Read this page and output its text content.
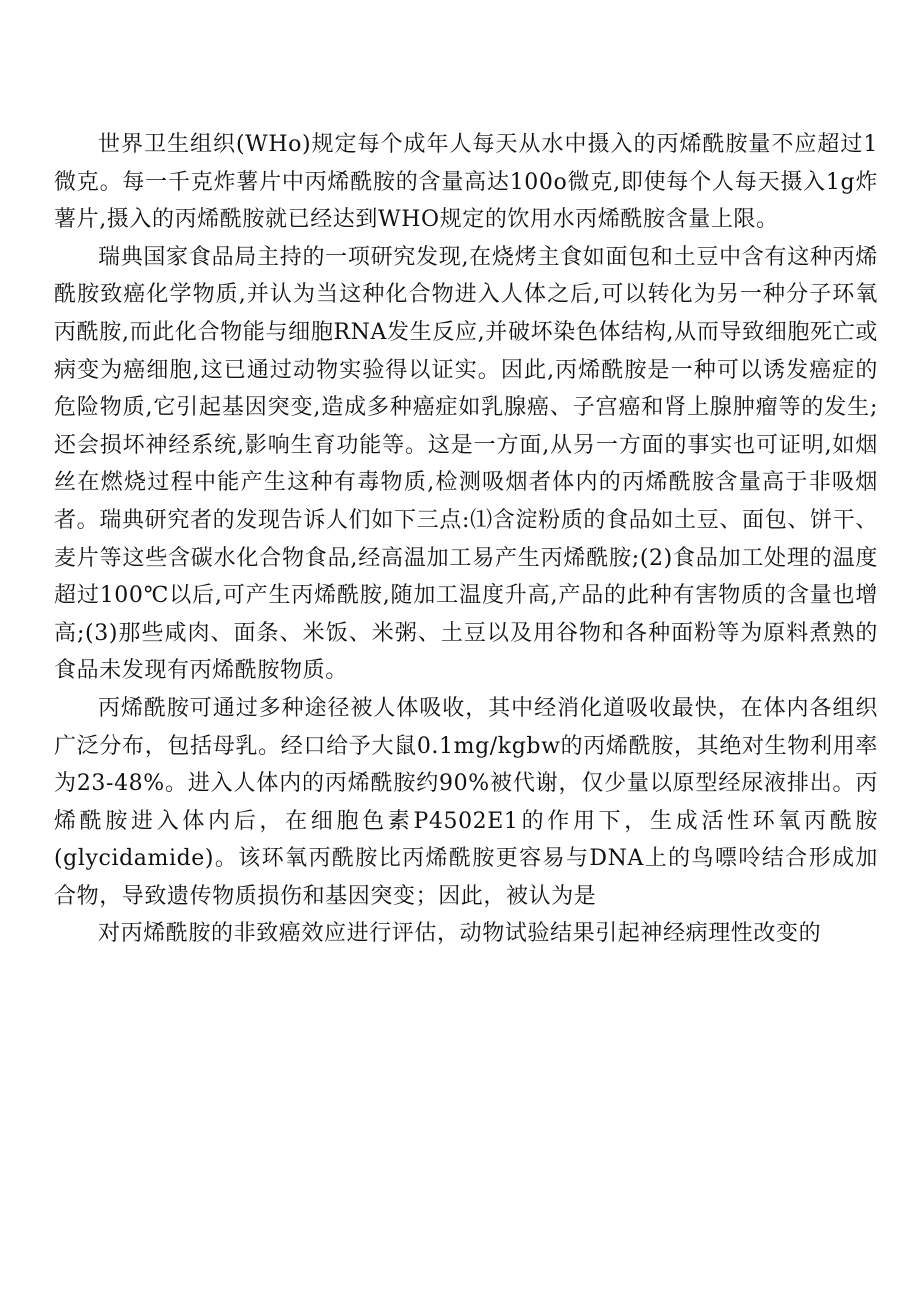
世界卫生组织(WHo)规定每个成年人每天从水中摄入的丙烯酰胺量不应超过1微克。每一千克炸薯片中丙烯酰胺的含量高达100o微克,即使每个人每天摄入1g炸薯片,摄入的丙烯酰胺就已经达到WHO规定的饮用水丙烯酰胺含量上限。

瑞典国家食品局主持的一项研究发现,在烧烤主食如面包和土豆中含有这种丙烯酰胺致癌化学物质,并认为当这种化合物进入人体之后,可以转化为另一种分子环氧丙酰胺,而此化合物能与细胞RNA发生反应,并破坏染色体结构,从而导致细胞死亡或病变为癌细胞,这已通过动物实验得以证实。因此,丙烯酰胺是一种可以诱发癌症的危险物质,它引起基因突变,造成多种癌症如乳腺癌、子宫癌和肾上腺肿瘤等的发生;还会损坏神经系统,影响生育功能等。这是一方面,从另一方面的事实也可证明,如烟丝在燃烧过程中能产生这种有毒物质,检测吸烟者体内的丙烯酰胺含量高于非吸烟者。瑞典研究者的发现告诉人们如下三点:⑴含淀粉质的食品如土豆、面包、饼干、麦片等这些含碳水化合物食品,经高温加工易产生丙烯酰胺;(2)食品加工处理的温度超过100℃以后,可产生丙烯酰胺,随加工温度升高,产品的此种有害物质的含量也增高;(3)那些咸肉、面条、米饭、米粥、土豆以及用谷物和各种面粉等为原料煮熟的食品未发现有丙烯酰胺物质。

丙烯酰胺可通过多种途径被人体吸收，其中经消化道吸收最快，在体内各组织广泛分布，包括母乳。经口给予大鼠0.1mg/kgbw的丙烯酰胺，其绝对生物利用率为23-48%。进入人体内的丙烯酰胺约90%被代谢，仅少量以原型经尿液排出。丙烯酰胺进入体内后，在细胞色素P4502E1的作用下，生成活性环氧丙酰胺(glycidamide)。该环氧丙酰胺比丙烯酰胺更容易与DNA上的鸟嘌呤结合形成加合物，导致遗传物质损伤和基因突变；因此，被认为是

对丙烯酰胺的非致癌效应进行评估，动物试验结果引起神经病理性改变的
